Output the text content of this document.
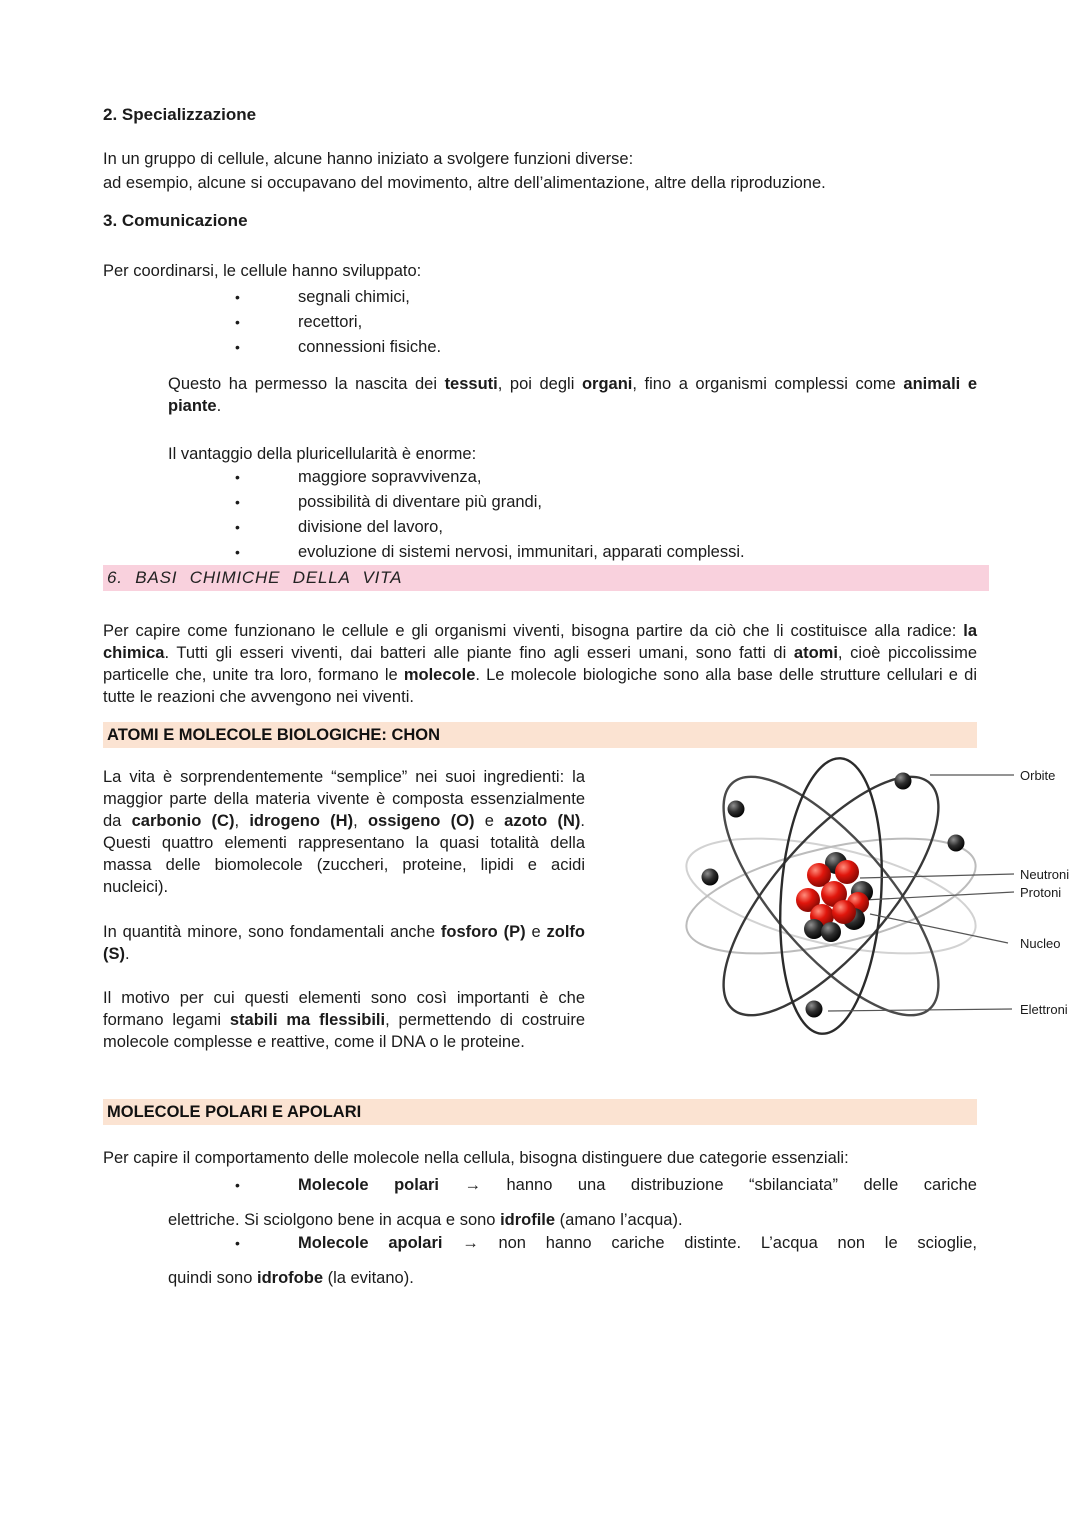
2. Specializzazione

In un gruppo di cellule, alcune hanno iniziato a svolgere funzioni diverse:

ad esempio, alcune si occupavano del movimento, altre dell’alimentazione, altre della riproduzione.

3. Comunicazione

Per coordinarsi, le cellule hanno sviluppato:

•	segnali chimici,
•	recettori,
•	connessioni fisiche.

Questo ha permesso la nascita dei tessuti, poi degli organi, fino a organismi complessi come animali e piante.

Il vantaggio della pluricellularità è enorme:

•	maggiore sopravvivenza,
•	possibilità di diventare più grandi,
•	divisione del lavoro,
•	evoluzione di sistemi nervosi, immunitari, apparati complessi.
6. BASI CHIMICHE DELLA VITA

Per capire come funzionano le cellule e gli organismi viventi, bisogna partire da ciò che li costituisce alla radice: la chimica. Tutti gli esseri viventi, dai batteri alle piante fino agli esseri umani, sono fatti di atomi, cioè piccolissime particelle che, unite tra loro, formano le molecole. Le molecole biologiche sono alla base delle strutture cellulari e di tutte le reazioni che avvengono nei viventi.

ATOMI E MOLECOLE BIOLOGICHE: CHON
Orbite
Neutroni
Protoni
Nucleo
Elettroni

La vita è sorprendentemente “semplice” nei suoi ingredienti: la maggior parte della materia vivente è composta essenzialmente da carbonio (C), idrogeno (H), ossigeno (O) e azoto (N). Questi quattro elementi rappresentano la quasi totalità della massa delle biomolecole (zuccheri, proteine, lipidi e acidi nucleici).

In quantità minore, sono fondamentali anche fosforo (P) e zolfo (S).

Il motivo per cui questi elementi sono così importanti è che formano legami stabili ma flessibili, permettendo di costruire molecole complesse e reattive, come il DNA o le proteine.

MOLECOLE POLARI E APOLARI

Per capire il comportamento delle molecole nella cellula, bisogna distinguere due categorie essenziali:

•	Molecole polari → hanno una distribuzione “sbilanciata” delle cariche

elettriche. Si sciolgono bene in acqua e sono idrofile (amano l’acqua).

•	Molecole apolari → non hanno cariche distinte. L’acqua non le scioglie,

quindi sono idrofobe (la evitano).
